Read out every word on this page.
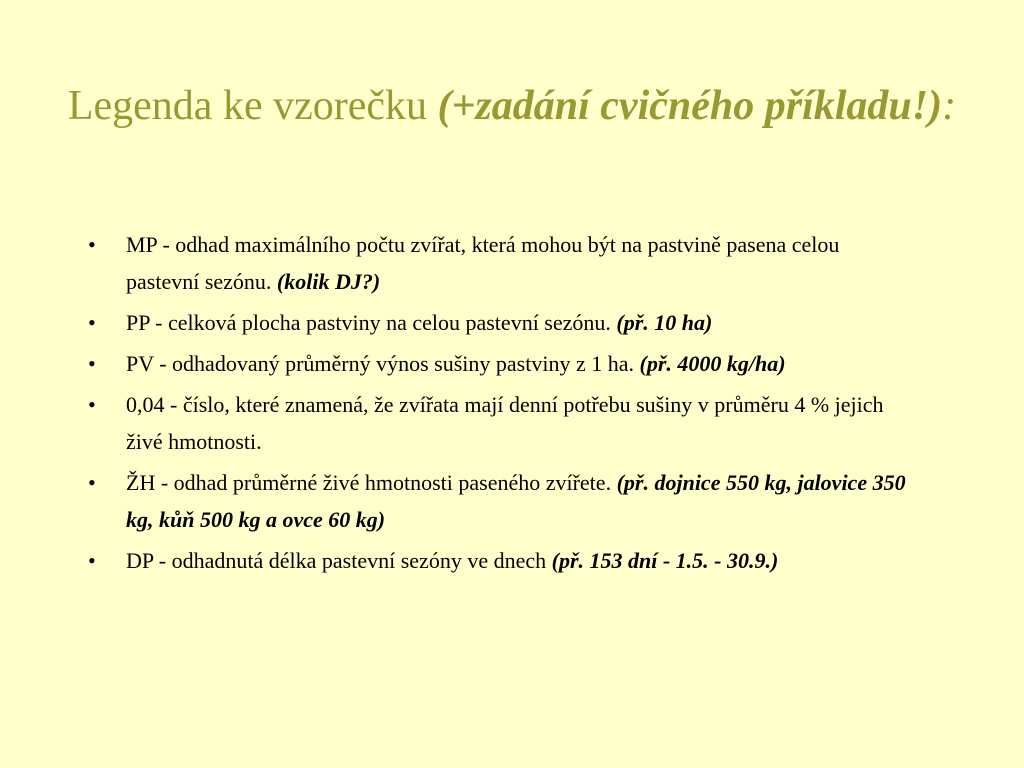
Legenda ke vzorečku (+zadání cvičného příkladu!):
• MP - odhad maximálního počtu zvířat, která mohou být na pastvině pasena celou pastevní sezónu. (kolik DJ?)
• PP - celková plocha pastviny na celou pastevní sezónu. (př. 10 ha)
• PV - odhadovaný průměrný výnos sušiny pastviny z 1 ha. (př. 4000 kg/ha)
• 0,04 - číslo, které znamená, že zvířata mají denní potřebu sušiny v průměru 4 % jejich živé hmotnosti.
• ŽH - odhad průměrné živé hmotnosti paseného zvířete. (př. dojnice 550 kg, jalovice 350 kg, kůň 500 kg a ovce 60 kg)
• DP - odhadnutá délka pastevní sezóny ve dnech (př. 153 dní - 1.5. - 30.9.)
